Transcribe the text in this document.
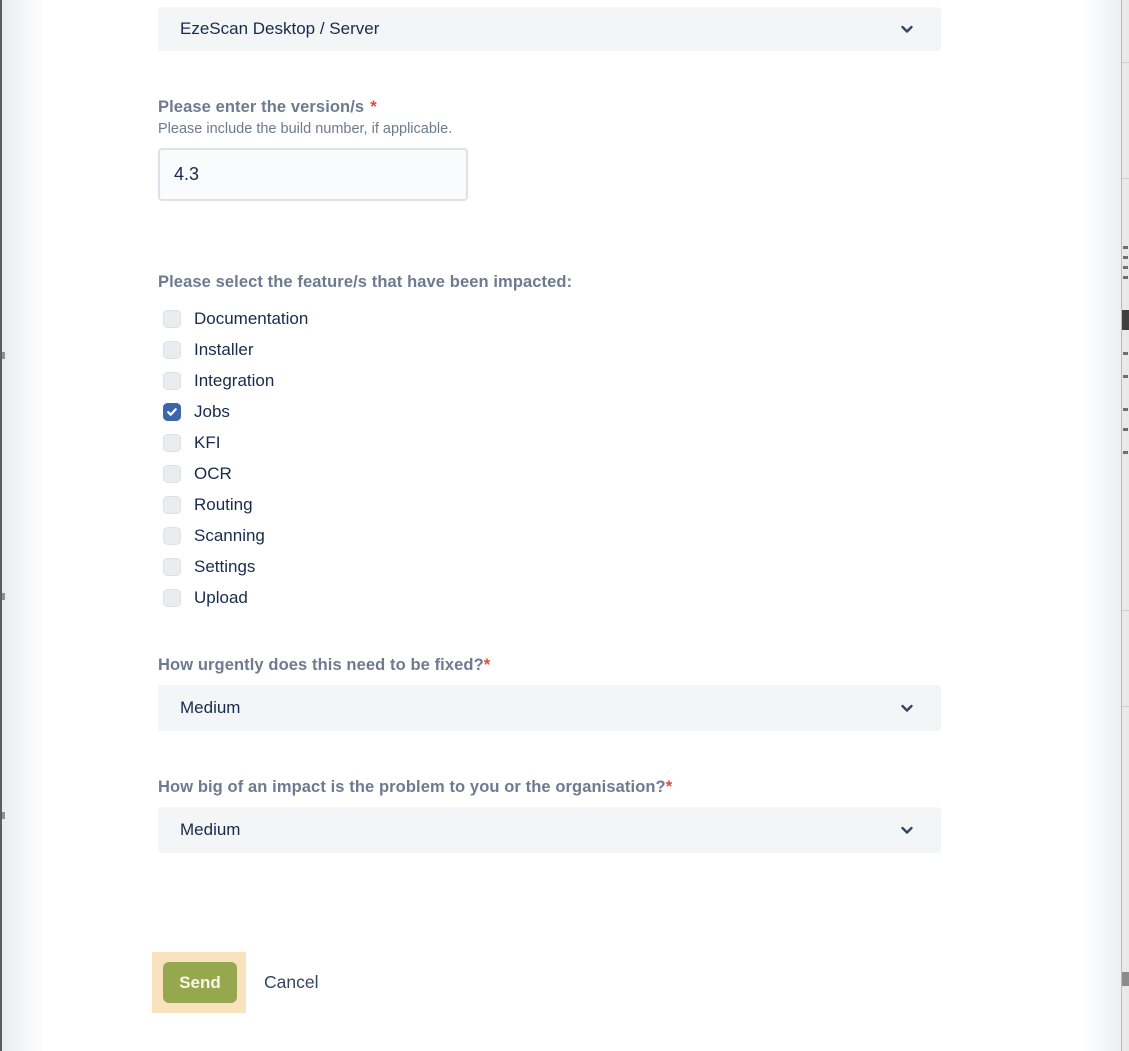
EzeScan Desktop / Server
Please enter the version/s *
Please include the build number, if applicable.
4.3
Please select the feature/s that have been impacted:
Documentation
Installer
Integration
Jobs
KFI
OCR
Routing
Scanning
Settings
Upload
How urgently does this need to be fixed?*
Medium
How big of an impact is the problem to you or the organisation?*
Medium
Send	Cancel
